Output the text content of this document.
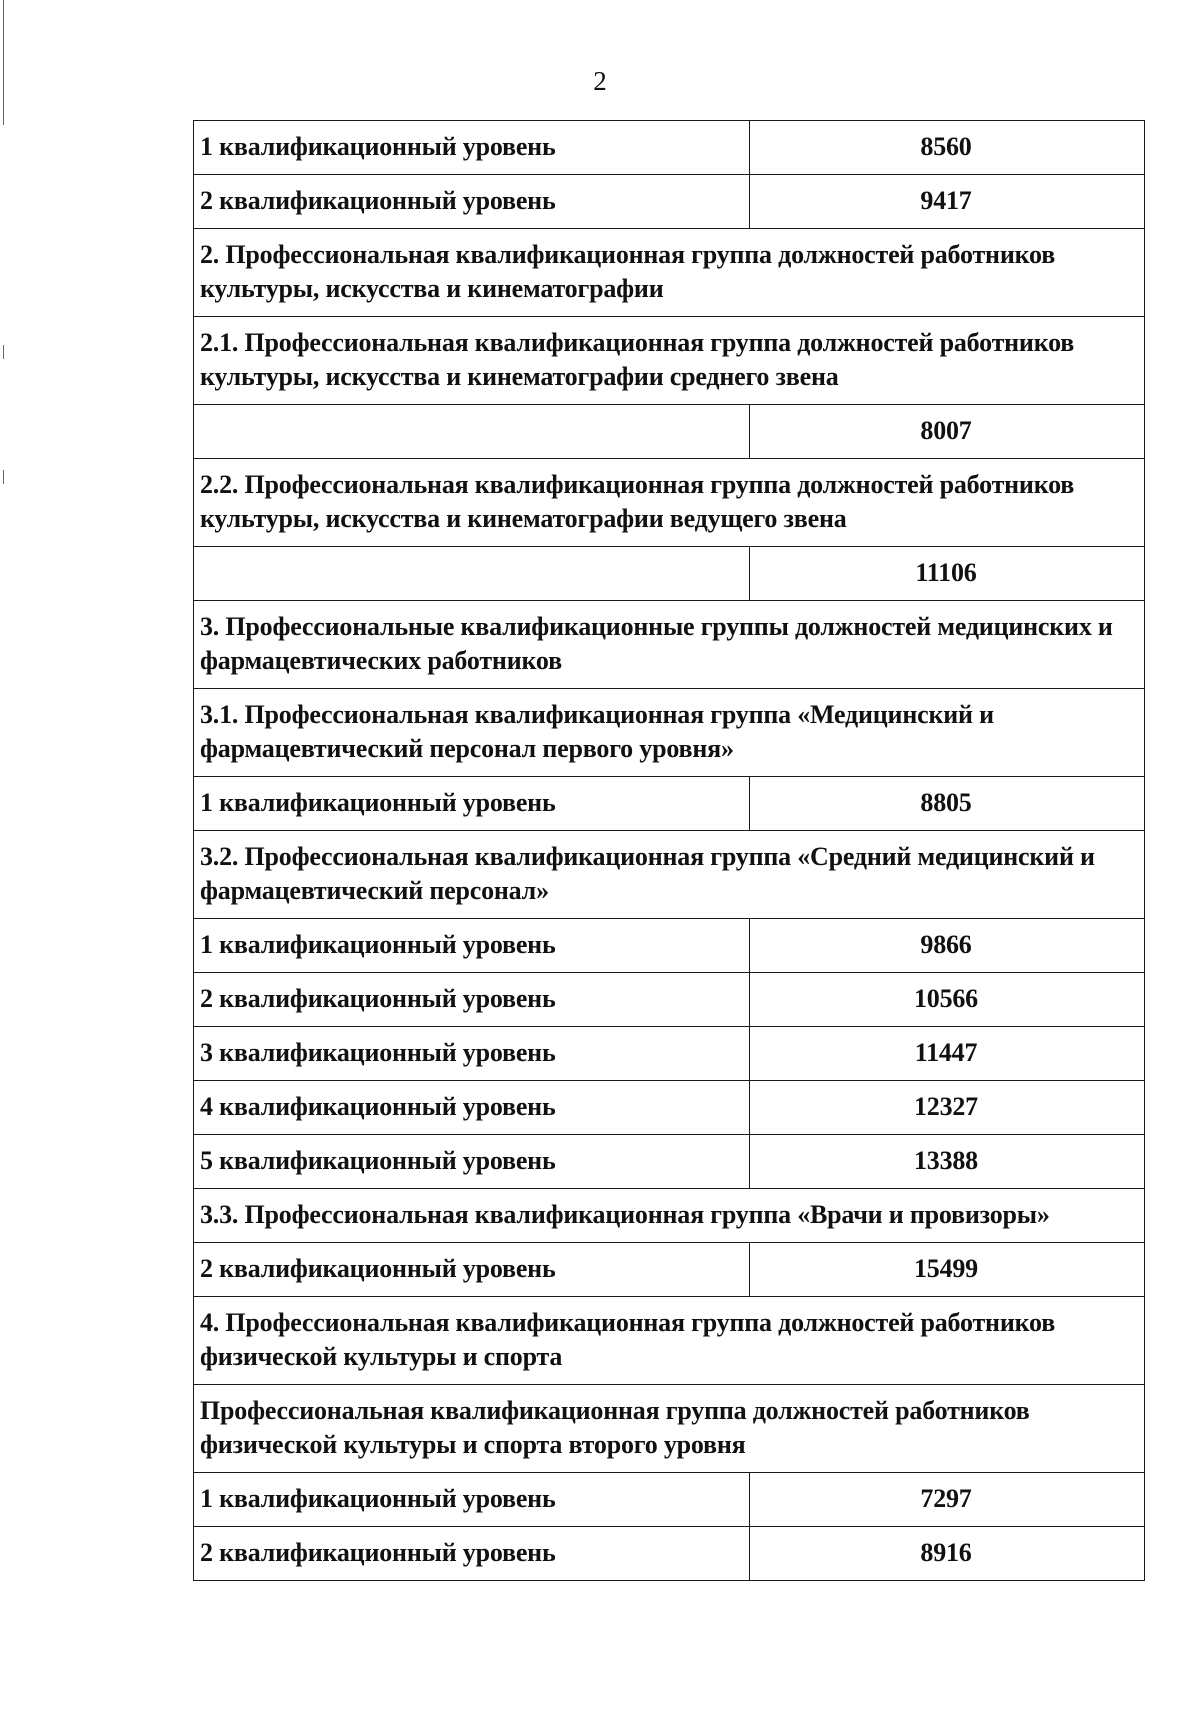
2
1 квалификационный уровень	8560
2 квалификационный уровень	9417
2. Профессиональная квалификационная группа должностей работников культуры, искусства и кинематографии	
2.1. Профессиональная квалификационная группа должностей работников культуры, искусства и кинематографии среднего звена	
	8007
2.2. Профессиональная квалификационная группа должностей работников культуры, искусства и кинематографии ведущего звена	
	11106
3. Профессиональные квалификационные группы должностей медицинских и фармацевтических работников	
3.1. Профессиональная квалификационная группа «Медицинский и фармацевтический персонал первого уровня»	
1 квалификационный уровень	8805
3.2. Профессиональная квалификационная группа «Средний медицинский и фармацевтический персонал»	
1 квалификационный уровень	9866
2 квалификационный уровень	10566
3 квалификационный уровень	11447
4 квалификационный уровень	12327
5 квалификационный уровень	13388
3.3. Профессиональная квалификационная группа «Врачи и провизоры»	
2 квалификационный уровень	15499
4. Профессиональная квалификационная группа должностей работников физической культуры и спорта	
Профессиональная квалификационная группа должностей работников физической культуры и спорта второго уровня	
1 квалификационный уровень	7297
2 квалификационный уровень	8916
